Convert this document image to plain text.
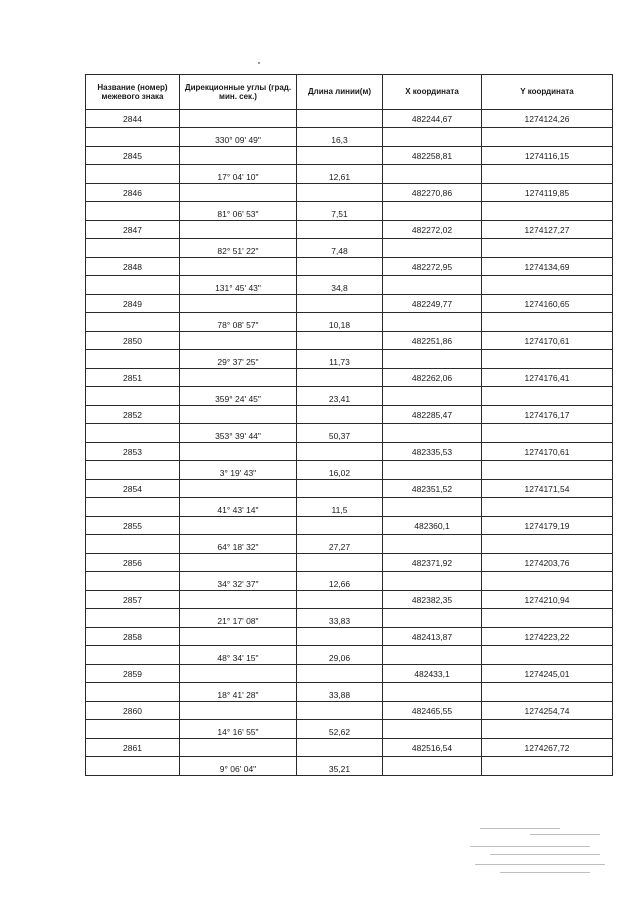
Название (номер) межевого знака	Дирекционные углы (град. мин. сек.)	Длина линии(м)	X координата	Y координата
2844			482244,67	1274124,26
	330° 09' 49"	16,3		
2845			482258,81	1274116,15
	17° 04' 10"	12,61		
2846			482270,86	1274119,85
	81° 06' 53"	7,51		
2847			482272,02	1274127,27
	82° 51' 22"	7,48		
2848			482272,95	1274134,69
	131° 45' 43"	34,8		
2849			482249,77	1274160,65
	78° 08' 57"	10,18		
2850			482251,86	1274170,61
	29° 37' 25"	11,73		
2851			482262,06	1274176,41
	359° 24' 45"	23,41		
2852			482285,47	1274176,17
	353° 39' 44"	50,37		
2853			482335,53	1274170,61
	3° 19' 43"	16,02		
2854			482351,52	1274171,54
	41° 43' 14"	11,5		
2855			482360,1	1274179,19
	64° 18' 32"	27,27		
2856			482371,92	1274203,76
	34° 32' 37"	12,66		
2857			482382,35	1274210,94
	21° 17' 08"	33,83		
2858			482413,87	1274223,22
	48° 34' 15"	29,06		
2859			482433,1	1274245,01
	18° 41' 28"	33,88		
2860			482465,55	1274254,74
	14° 16' 55"	52,62		
2861			482516,54	1274267,72
	9° 06' 04"	35,21		
